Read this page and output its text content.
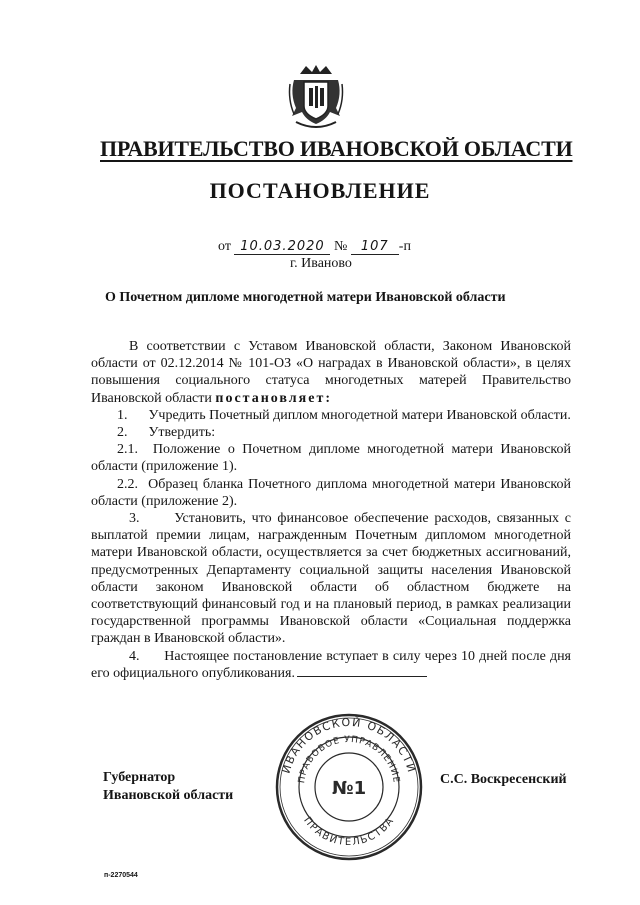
ПРАВИТЕЛЬСТВО ИВАНОВСКОЙ ОБЛАСТИ
ПОСТАНОВЛЕНИЕ
от 10.03.2020 № 107 -п
г. Иваново
О Почетном дипломе многодетной матери Ивановской области

В соответствии с Уставом Ивановской области, Законом Ивановской области от 02.12.2014 № 101-ОЗ «О наградах в Ивановской области», в целях повышения социального статуса многодетных матерей Правительство Ивановской области постановляет:

1.      Учредить Почетный диплом многодетной матери Ивановской области.

2.      Утвердить:

2.1.  Положение о Почетном дипломе многодетной матери Ивановской области (приложение 1).

2.2.  Образец бланка Почетного диплома многодетной матери Ивановской области (приложение 2).

3.      Установить, что финансовое обеспечение расходов, связанных с выплатой премии лицам, награжденным Почетным дипломом многодетной матери Ивановской области, осуществляется за счет бюджетных ассигнований, предусмотренных Департаменту социальной защиты населения Ивановской области законом Ивановской области об областном бюджете на соответствующий финансовый год и на плановый период, в рамках реализации государственной программы Ивановской области «Социальная поддержка граждан в Ивановской области».

4.      Настоящее постановление вступает в силу через 10 дней после дня его официального опубликования.

Губернатор
Ивановской области
ИВАНОВСКОЙ ОБЛАСТИ
ПРАВОВОЕ УПРАВЛЕНИЕ
ПРАВИТЕЛЬСТВА
№1	С.С. Воскресенский
п-2270544
